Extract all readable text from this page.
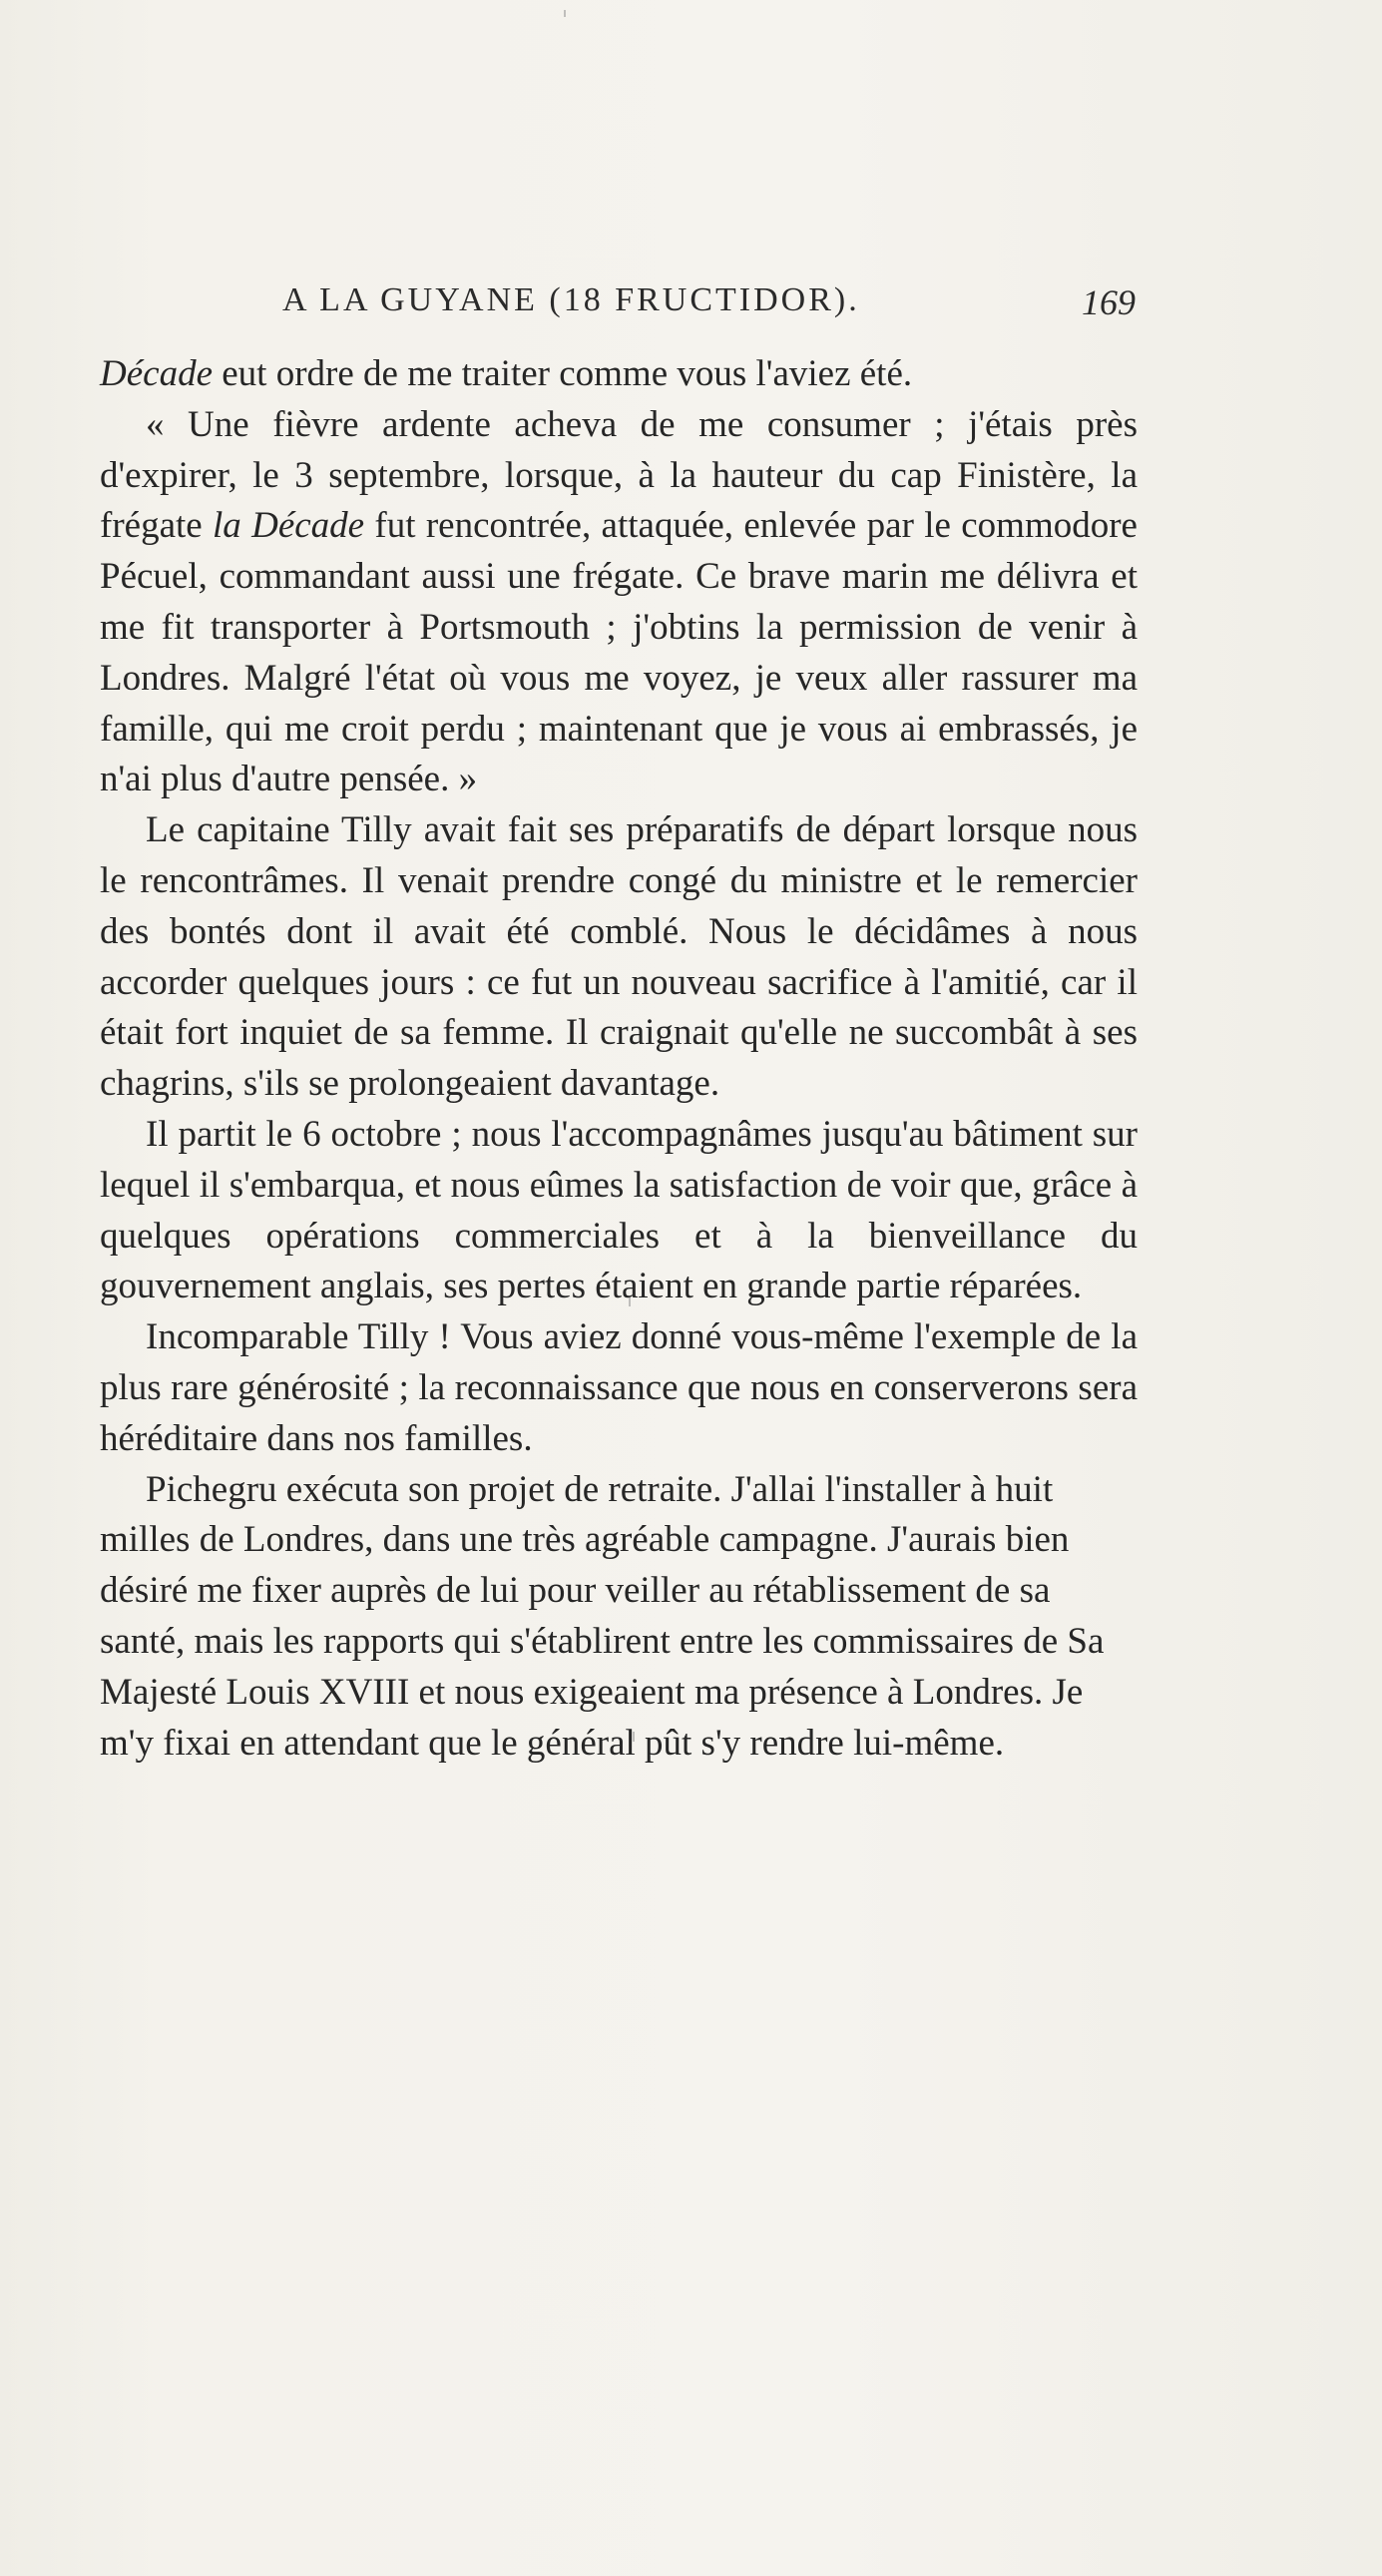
A LA GUYANE (18 FRUCTIDOR).	169

Décade eut ordre de me traiter comme vous l'aviez été.

« Une fièvre ardente acheva de me consumer ; j'étais près d'expirer, le 3 septembre, lorsque, à la hauteur du cap Finistère, la frégate la Décade fut rencontrée, attaquée, enlevée par le commodore Pécuel, commandant aussi une frégate. Ce brave marin me délivra et me fit transporter à Portsmouth ; j'obtins la permission de venir à Londres. Malgré l'état où vous me voyez, je veux aller rassurer ma famille, qui me croit perdu ; maintenant que je vous ai embrassés, je n'ai plus d'autre pensée. »

Le capitaine Tilly avait fait ses préparatifs de départ lorsque nous le rencontrâmes. Il venait prendre congé du ministre et le remercier des bontés dont il avait été comblé. Nous le décidâmes à nous accorder quelques jours : ce fut un nouveau sacrifice à l'amitié, car il était fort inquiet de sa femme. Il craignait qu'elle ne succombât à ses chagrins, s'ils se prolongeaient davantage.

Il partit le 6 octobre ; nous l'accompagnâmes jusqu'au bâtiment sur lequel il s'embarqua, et nous eûmes la satisfaction de voir que, grâce à quelques opérations commerciales et à la bienveillance du gouvernement anglais, ses pertes étaient en grande partie réparées.

Incomparable Tilly ! Vous aviez donné vous-même l'exemple de la plus rare générosité ; la reconnaissance que nous en conserverons sera héréditaire dans nos familles.

Pichegru exécuta son projet de retraite. J'allai l'installer à huit milles de Londres, dans une très agréable campagne. J'aurais bien désiré me fixer auprès de lui pour veiller au rétablissement de sa santé, mais les rapports qui s'établirent entre les commissaires de Sa Majesté Louis XVIII et nous exigeaient ma présence à Londres. Je m'y fixai en attendant que le général pût s'y rendre lui-même.
